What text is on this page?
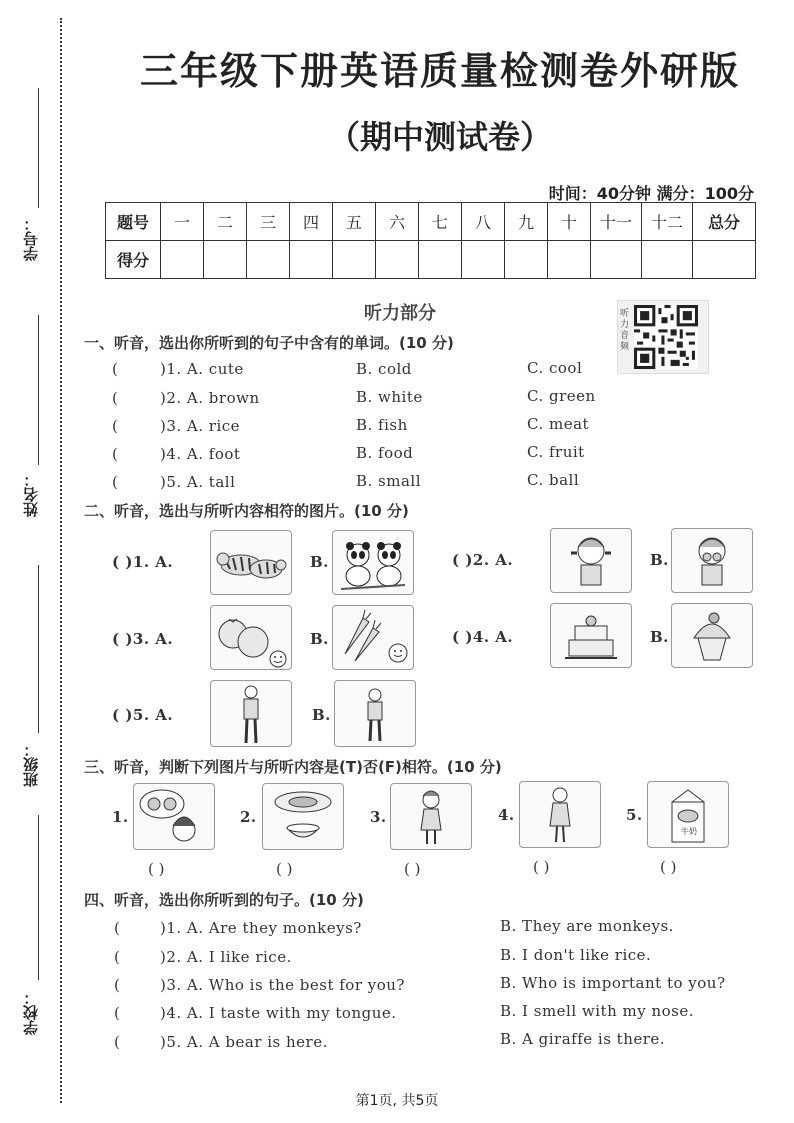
学号：
姓名：
班级：
学校：
三年级下册英语质量检测卷外研版
（期中测试卷）
时间：40分钟 满分：100分
题号	一	二	三	四	五	六	七	八	九	十	十一	十二	总分
得分													
听力部分	听力音频
一、听音，选出你所听到的句子中含有的单词。(10 分)
(	)1. A. cute	B. cold	C. cool
(	)2. A. brown	B. white	C. green
(	)3. A. rice	B. fish	C. meat
(	)4. A. foot	B. food	C. fruit
(	)5. A. tall	B. small	C. ball
二、听音，选出与所听内容相符的图片。(10 分)
( )1. A.	B.	( )2. A.	B.
( )3. A.	B.	( )4. A.	B.
( )5. A.	B.
三、听音，判断下列图片与所听内容是(T)否(F)相符。(10 分)
1.
( )
2.
( )
3.
( )
4.
( )
5.
牛奶
( )
四、听音，选出你所听到的句子。(10 分)
(	)1. A. Are they monkeys?	B. They are monkeys.
(	)2. A. I like rice.	B. I don't like rice.
(	)3. A. Who is the best for you?	B. Who is important to you?
(	)4. A. I taste with my tongue.	B. I smell with my nose.
(	)5. A. A bear is here.	B. A giraffe is there.
第1页, 共5页
